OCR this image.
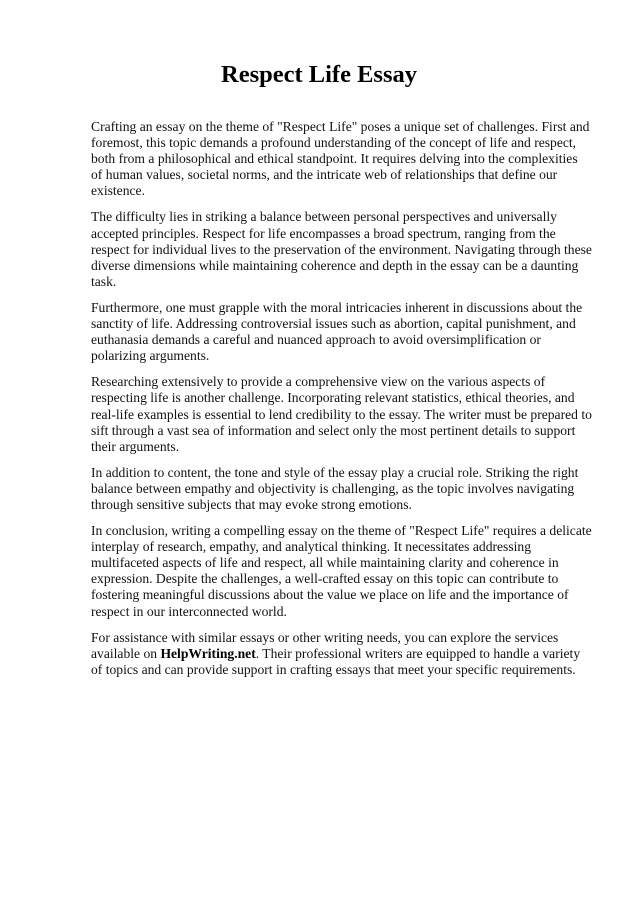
Respect Life Essay

Crafting an essay on the theme of "Respect Life" poses a unique set of challenges. First and foremost, this topic demands a profound understanding of the concept of life and respect, both from a philosophical and ethical standpoint. It requires delving into the complexities of human values, societal norms, and the intricate web of relationships that define our existence.

The difficulty lies in striking a balance between personal perspectives and universally accepted principles. Respect for life encompasses a broad spectrum, ranging from the respect for individual lives to the preservation of the environment. Navigating through these diverse dimensions while maintaining coherence and depth in the essay can be a daunting task.

Furthermore, one must grapple with the moral intricacies inherent in discussions about the sanctity of life. Addressing controversial issues such as abortion, capital punishment, and euthanasia demands a careful and nuanced approach to avoid oversimplification or polarizing arguments.

Researching extensively to provide a comprehensive view on the various aspects of respecting life is another challenge. Incorporating relevant statistics, ethical theories, and real-life examples is essential to lend credibility to the essay. The writer must be prepared to sift through a vast sea of information and select only the most pertinent details to support their arguments.

In addition to content, the tone and style of the essay play a crucial role. Striking the right balance between empathy and objectivity is challenging, as the topic involves navigating through sensitive subjects that may evoke strong emotions.

In conclusion, writing a compelling essay on the theme of "Respect Life" requires a delicate interplay of research, empathy, and analytical thinking. It necessitates addressing multifaceted aspects of life and respect, all while maintaining clarity and coherence in expression. Despite the challenges, a well-crafted essay on this topic can contribute to fostering meaningful discussions about the value we place on life and the importance of respect in our interconnected world.

For assistance with similar essays or other writing needs, you can explore the services available on HelpWriting.net. Their professional writers are equipped to handle a variety of topics and can provide support in crafting essays that meet your specific requirements.
